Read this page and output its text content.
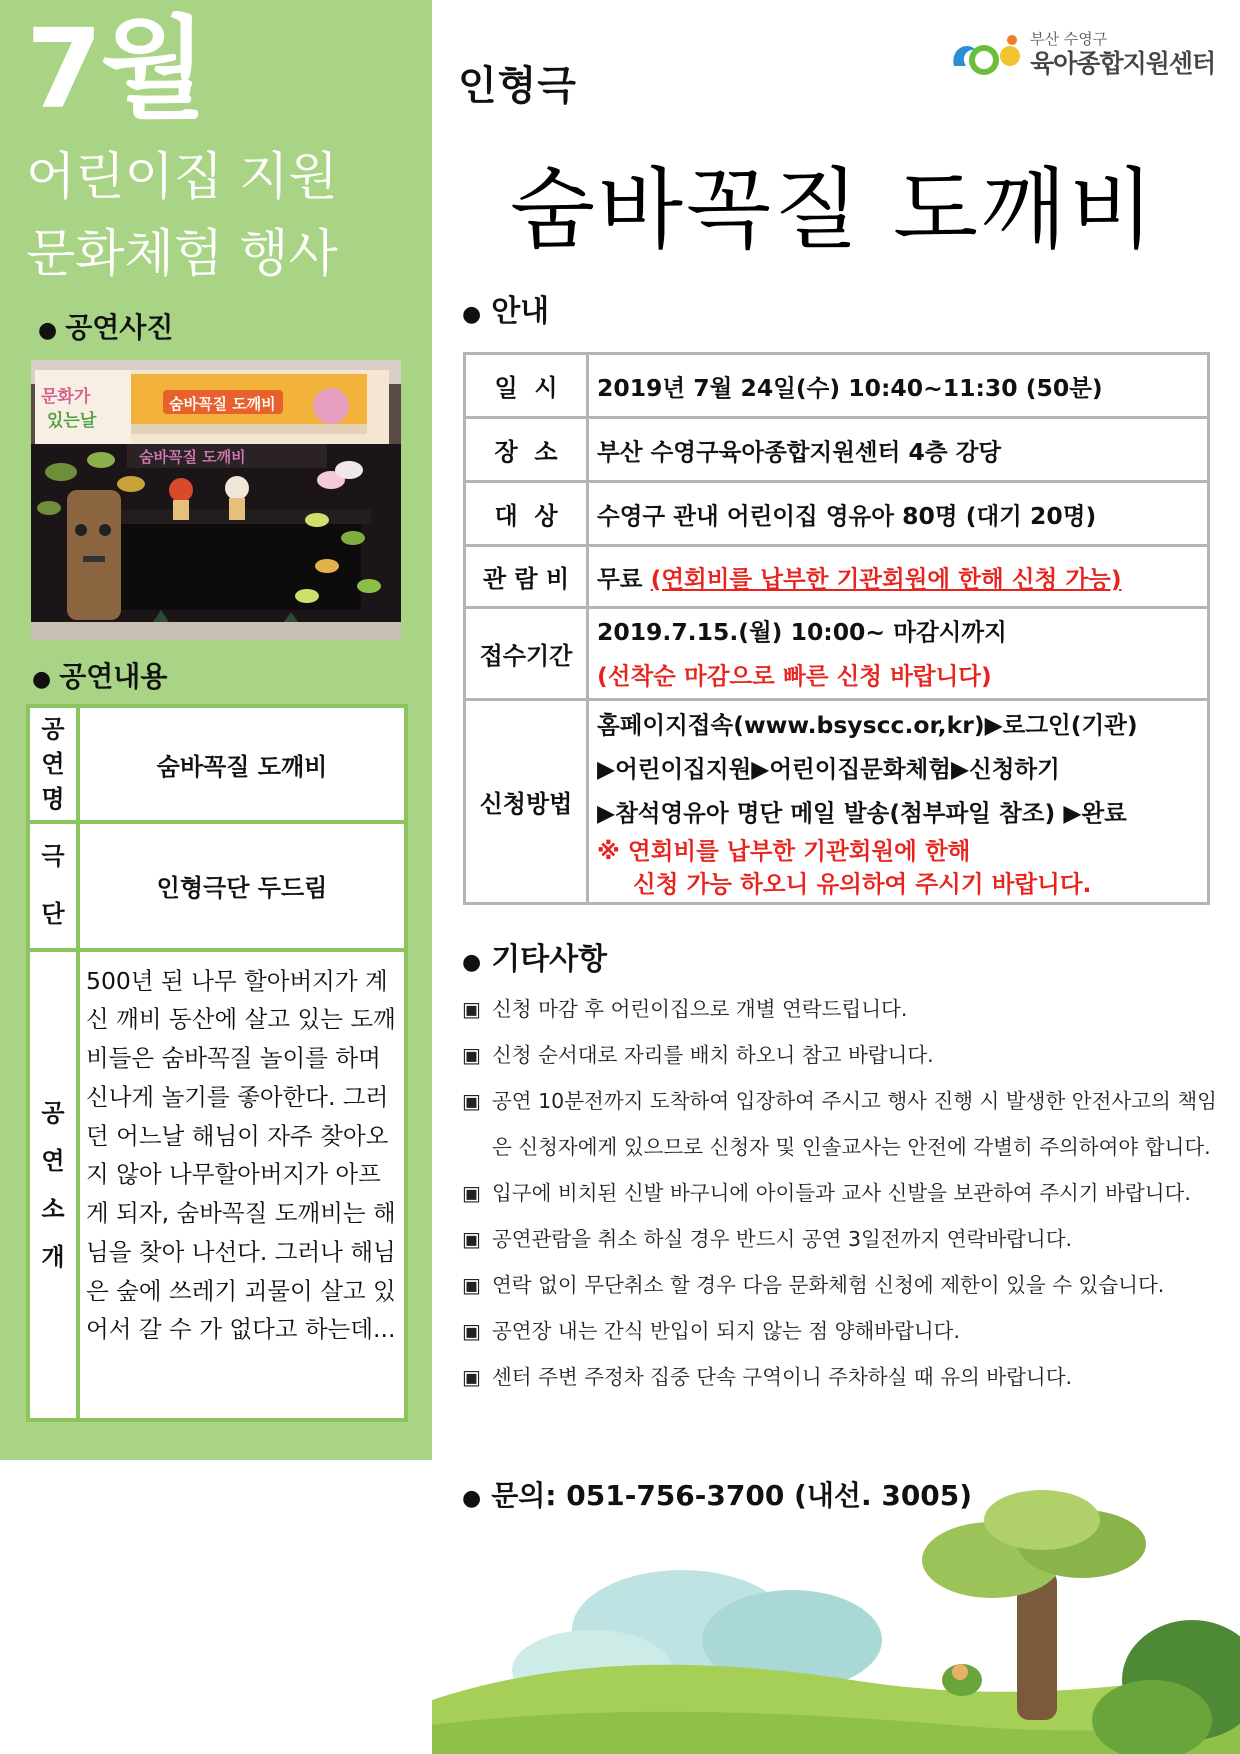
7월
어린이집 지원
문화체험 행사
● 공연사진
문화가
있는날
숨바꼭질 도깨비
숨바꼭질 도깨비
● 공연내용
공연명	숨바꼭질 도깨비
극단	인형극단 두드림
공연소개	500년 된 나무 할아버지가 계신 깨비 동산에 살고 있는 도깨비들은 숨바꼭질 놀이를 하며 신나게 놀기를 좋아한다. 그러던 어느날 해님이 자주 찾아오지 않아 나무할아버지가 아프게 되자, 숨바꼭질 도깨비는 해님을 찾아 나선다. 그러나 해님은 숲에 쓰레기 괴물이 살고 있어서 갈 수 가 없다고 하는데...
인형극
부산 수영구
육아종합지원센터
숨바꼭질 도깨비
● 안내
일  시	2019년 7월 24일(수) 10:40~11:30 (50분)
장  소	부산 수영구육아종합지원센터 4층 강당
대  상	수영구 관내 어린이집 영유아 80명 (대기 20명)
관 람 비	무료 (연회비를 납부한 기관회원에 한해 신청 가능)
접수기간	2019.7.15.(월) 10:00~ 마감시까지
(선착순 마감으로 빠른 신청 바랍니다)

신청방법	홈페이지접속(www.bsyscc.or,kr)▶로그인(기관)
▶어린이집지원▶어린이집문화체험▶신청하기
▶참석영유아 명단 메일 발송(첨부파일 참조) ▶완료
※ 연회비를 납부한 기관회원에 한해
신청 가능 하오니 유의하여 주시기 바랍니다.
● 기타사항
▣ 신청 마감 후 어린이집으로 개별 연락드립니다.
▣ 신청 순서대로 자리를 배치 하오니 참고 바랍니다.
▣ 공연 10분전까지 도착하여 입장하여 주시고 행사 진행 시 발생한 안전사고의 책임은 신청자에게 있으므로 신청자 및 인솔교사는 안전에 각별히 주의하여야 합니다.
▣ 입구에 비치된 신발 바구니에 아이들과 교사 신발을 보관하여 주시기 바랍니다.
▣ 공연관람을 취소 하실 경우 반드시 공연 3일전까지 연락바랍니다.
▣ 연락 없이 무단취소 할 경우 다음 문화체험 신청에 제한이 있을 수 있습니다.
▣ 공연장 내는 간식 반입이 되지 않는 점 양해바랍니다.
▣ 센터 주변 주정차 집중 단속 구역이니 주차하실 때 유의 바랍니다.
● 문의: 051-756-3700 (내선. 3005)
